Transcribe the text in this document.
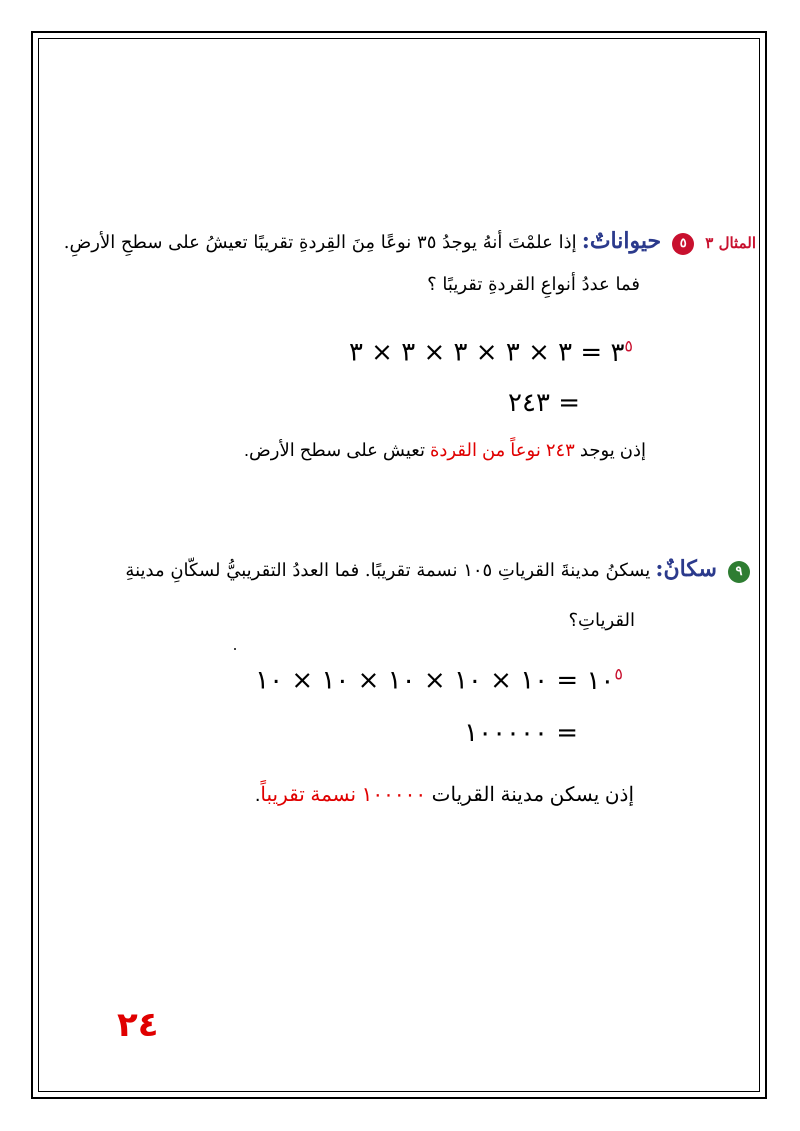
المثال ٣ ٥ حيواناتٌ: إذا علمْتَ أنهُ يوجدُ ٣٥ نوعًا مِنَ القِردةِ تقريبًا تعيشُ على سطحِ الأرضِ.
فما عددُ أنواعِ القردةِ تقريبًا ؟
$٣^٥$ = ٣ × ٣ × ٣ × ٣ × ٣
= ٢٤٣
إذن يوجد ٢٤٣ نوعاً من القردة تعيش على سطح الأرض.
٩ سكانٌ: يسكنُ مدينةَ القرياتِ ١٠٥ نسمة تقريبًا. فما العددُ التقريبيُّ لسكّانِ مدينةِ
القرياتِ؟
$١٠^٥$ = ١٠ × ١٠ × ١٠ × ١٠ × ١٠
= ١٠٠٠٠٠
إذن يسكن مدينة القريات ١٠٠٠٠٠ نسمة تقريباً.
٢٤
